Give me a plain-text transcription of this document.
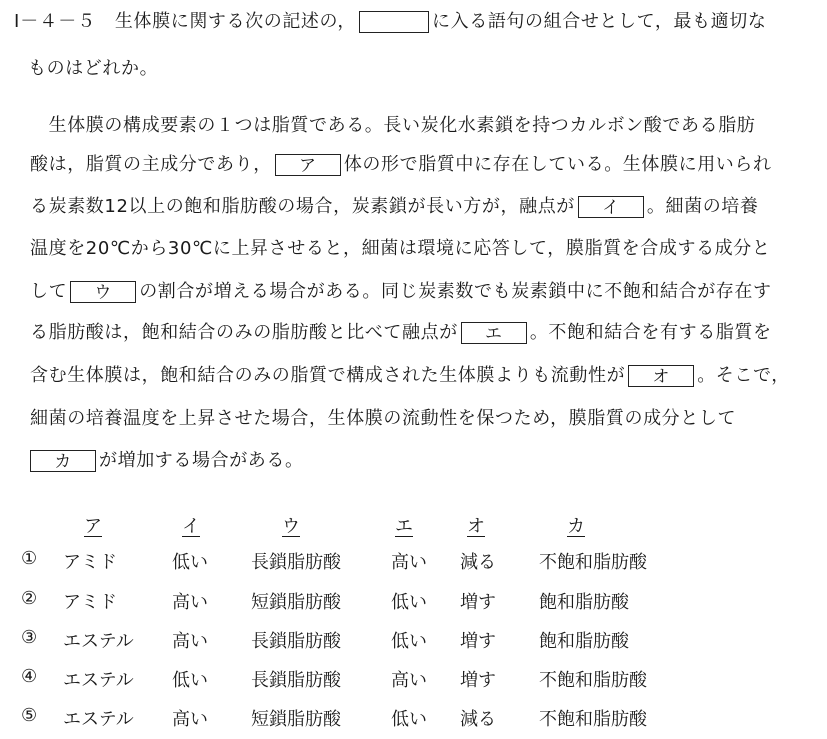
Ⅰ－４－５　 生体膜に関する次の記述の，	に入る語句の組合せとして，最も適切な
ものはどれか。
　生体膜の構成要素の１つは脂質である。長い炭化水素鎖を持つカルボン酸である脂肪
酸は，脂質の主成分であり， ア 体の形で脂質中に存在している。生体膜に用いられ
る炭素数12以上の飽和脂肪酸の場合，炭素鎖が長い方が，融点が イ 。細菌の培養
温度を20℃から30℃に上昇させると，細菌は環境に応答して，膜脂質を合成する成分と
して ウ の割合が増える場合がある。同じ炭素数でも炭素鎖中に不飽和結合が存在す
る脂肪酸は，飽和結合のみの脂肪酸と比べて融点が エ 。不飽和結合を有する脂質を
含む生体膜は，飽和結合のみの脂質で構成された生体膜よりも流動性が オ 。そこで，
細菌の培養温度を上昇させた場合，生体膜の流動性を保つため，膜脂質の成分として
カ が増加する場合がある。
ア	イ	ウ	エ	オ	カ
① アミド	低い 長鎖脂肪酸	高い 減る 不飽和脂肪酸
② アミド	高い 短鎖脂肪酸	低い 増す 飽和脂肪酸
③ エステル 高い 長鎖脂肪酸	低い 増す 飽和脂肪酸
④ エステル 低い 長鎖脂肪酸	高い 増す 不飽和脂肪酸
⑤ エステル 高い 短鎖脂肪酸	低い 減る 不飽和脂肪酸
